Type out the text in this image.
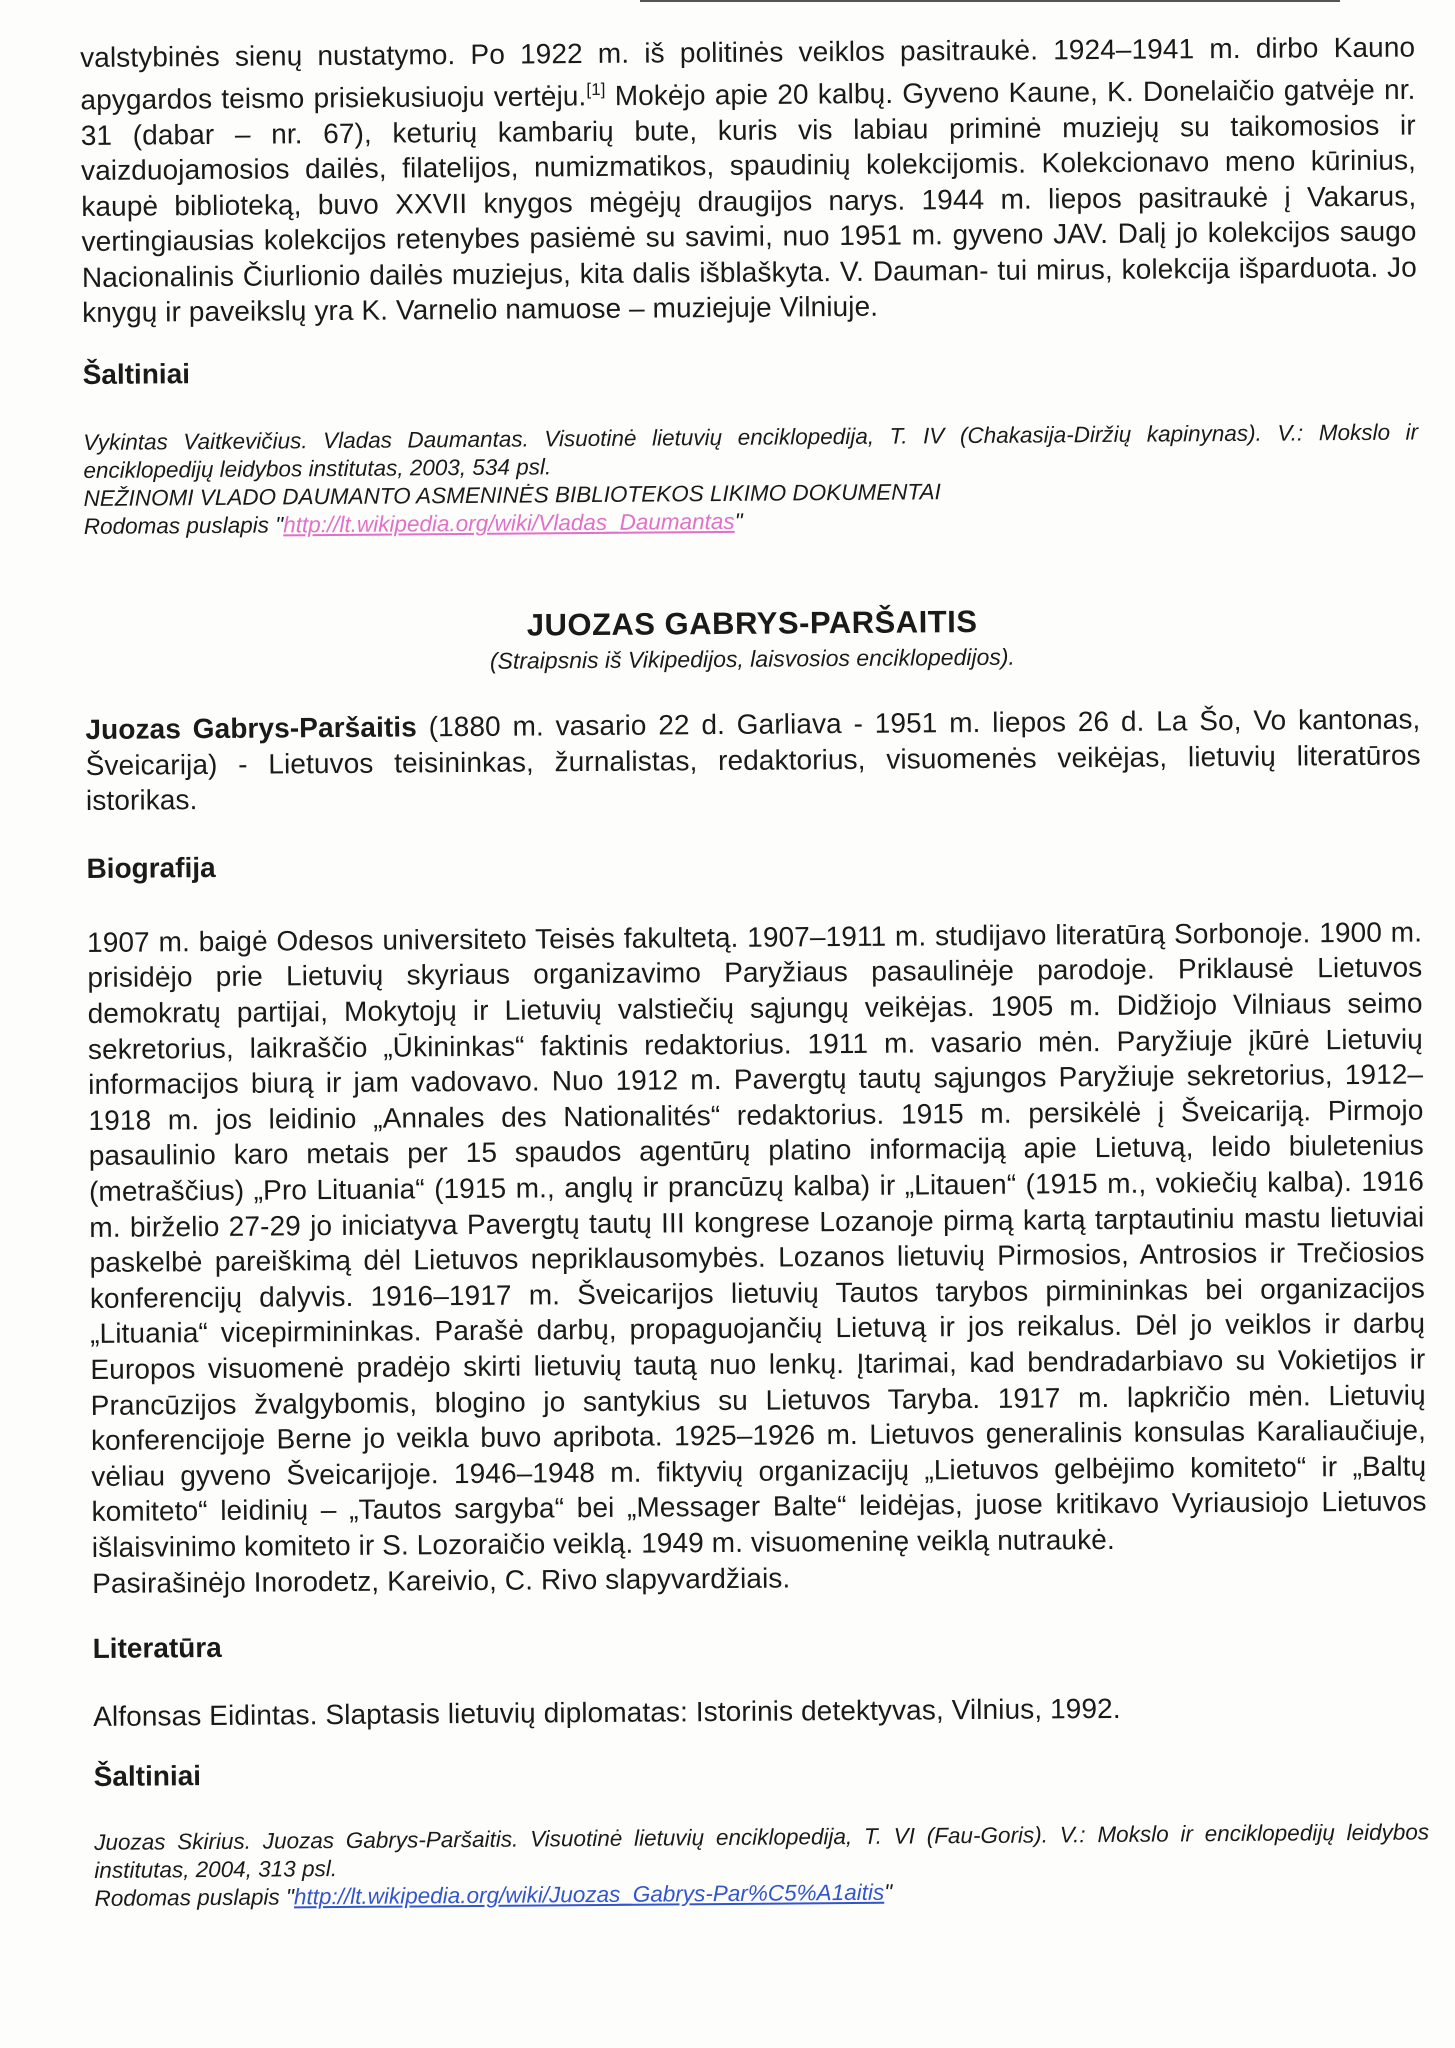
valstybinės sienų nustatymo. Po 1922 m. iš politinės veiklos pasitraukė. 1924–1941 m. dirbo Kauno apygardos teismo prisiekusiuoju vertėju.[1] Mokėjo apie 20 kalbų. Gyveno Kaune, K. Donelaičio gatvėje nr. 31 (dabar – nr. 67), keturių kambarių bute, kuris vis labiau priminė muziejų su taikomosios ir vaizduojamosios dailės, filatelijos, numizmatikos, spaudinių kolekcijomis. Kolekcionavo meno kūrinius, kaupė biblioteką, buvo XXVII knygos mėgėjų draugijos narys. 1944 m. liepos pasitraukė į Vakarus, vertingiausias kolekcijos retenybes pasiėmė su savimi, nuo 1951 m. gyveno JAV. Dalį jo kolekcijos saugo Nacionalinis Čiurlionio dailės muziejus, kita dalis išblaškyta. V. Dauman- tui mirus, kolekcija išparduota. Jo knygų ir paveikslų yra K. Varnelio namuose – muziejuje Vilniuje.

Šaltiniai

Vykintas Vaitkevičius. Vladas Daumantas. Visuotinė lietuvių enciklopedija, T. IV (Chakasija-Diržių kapinynas). V.: Mokslo ir enciklopedijų leidybos institutas, 2003, 534 psl.

NEŽINOMI VLADO DAUMANTO ASMENINĖS BIBLIOTEKOS LIKIMO DOKUMENTAI

Rodomas puslapis "http://lt.wikipedia.org/wiki/Vladas_Daumantas"

JUOZAS GABRYS-PARŠAITIS

(Straipsnis iš Vikipedijos, laisvosios enciklopedijos).

Juozas Gabrys-Paršaitis (1880 m. vasario 22 d. Garliava - 1951 m. liepos 26 d. La Šo, Vo kantonas, Šveicarija) - Lietuvos teisininkas, žurnalistas, redaktorius, visuomenės veikėjas, lietuvių literatūros istorikas.

Biografija

1907 m. baigė Odesos universiteto Teisės fakultetą. 1907–1911 m. studijavo literatūrą Sorbonoje. 1900 m. prisidėjo prie Lietuvių skyriaus organizavimo Paryžiaus pasaulinėje parodoje. Priklausė Lietuvos demokratų partijai, Mokytojų ir Lietuvių valstiečių sąjungų veikėjas. 1905 m. Didžiojo Vilniaus seimo sekretorius, laikraščio „Ūkininkas“ faktinis redaktorius. 1911 m. vasario mėn. Paryžiuje įkūrė Lietuvių informacijos biurą ir jam vadovavo. Nuo 1912 m. Pavergtų tautų sąjungos Paryžiuje sekretorius, 1912–1918 m. jos leidinio „Annales des Nationalités“ redaktorius. 1915 m. persikėlė į Šveicariją. Pirmojo pasaulinio karo metais per 15 spaudos agentūrų platino informaciją apie Lietuvą, leido biuletenius (metraščius) „Pro Lituania“ (1915 m., anglų ir prancūzų kalba) ir „Litauen“ (1915 m., vokiečių kalba). 1916 m. birželio 27-29 jo iniciatyva Pavergtų tautų III kongrese Lozanoje pirmą kartą tarptautiniu mastu lietuviai paskelbė pareiškimą dėl Lietuvos nepriklausomybės. Lozanos lietuvių Pirmosios, Antrosios ir Trečiosios konferencijų dalyvis. 1916–1917 m. Šveicarijos lietuvių Tautos tarybos pirmininkas bei organizacijos „Lituania“ vicepirmininkas. Parašė darbų, propaguojančių Lietuvą ir jos reikalus. Dėl jo veiklos ir darbų Europos visuomenė pradėjo skirti lietuvių tautą nuo lenkų. Įtarimai, kad bendradarbiavo su Vokietijos ir Prancūzijos žvalgybomis, blogino jo santykius su Lietuvos Taryba. 1917 m. lapkričio mėn. Lietuvių konferencijoje Berne jo veikla buvo apribota. 1925–1926 m. Lietuvos generalinis konsulas Karaliaučiuje, vėliau gyveno Šveicarijoje. 1946–1948 m. fiktyvių organizacijų „Lietuvos gelbėjimo komiteto“ ir „Baltų komiteto“ leidinių – „Tautos sargyba“ bei „Messager Balte“ leidėjas, juose kritikavo Vyriausiojo Lietuvos išlaisvinimo komiteto ir S. Lozoraičio veiklą. 1949 m. visuomeninę veiklą nutraukė.

Pasirašinėjo Inorodetz, Kareivio, C. Rivo slapyvardžiais.

Literatūra

Alfonsas Eidintas. Slaptasis lietuvių diplomatas: Istorinis detektyvas, Vilnius, 1992.

Šaltiniai

Juozas Skirius. Juozas Gabrys-Paršaitis. Visuotinė lietuvių enciklopedija, T. VI (Fau-Goris). V.: Mokslo ir enciklopedijų leidybos institutas, 2004, 313 psl.

Rodomas puslapis "http://lt.wikipedia.org/wiki/Juozas_Gabrys-Par%C5%A1aitis"
